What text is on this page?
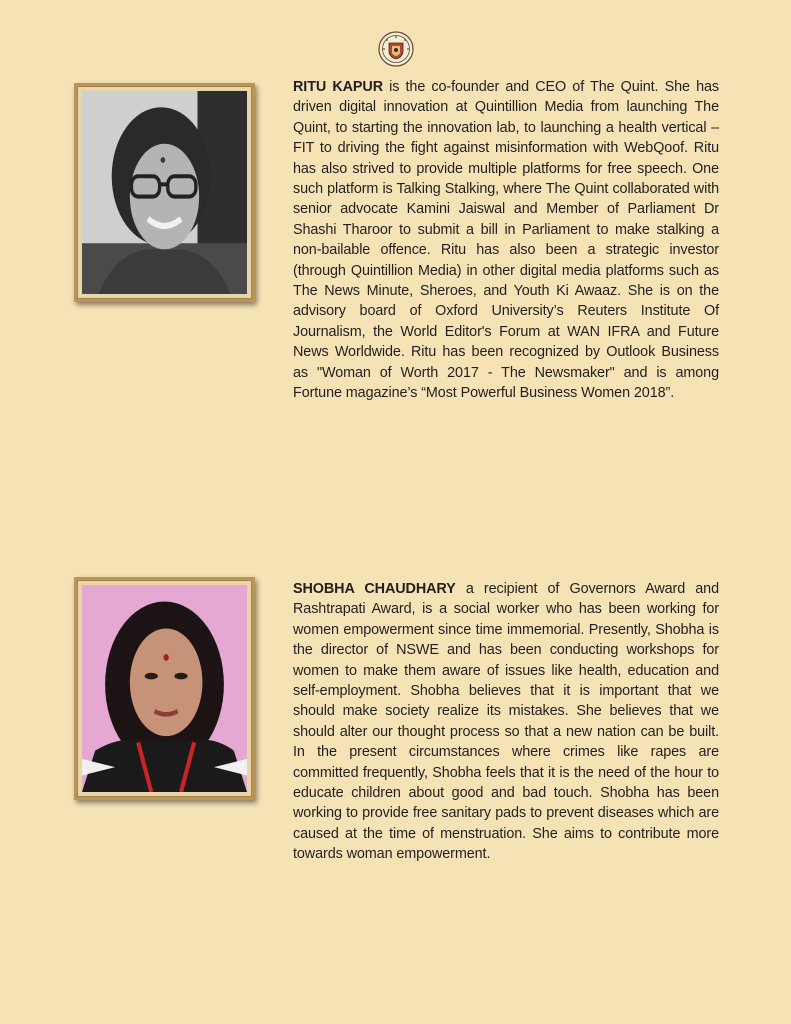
RITU KAPUR is the co-founder and CEO of The Quint. She has driven digital innovation at Quintillion Media from launching The Quint, to starting the innovation lab, to launching a health vertical – FIT to driving the fight against misinformation with WebQoof. Ritu has also strived to provide multiple platforms for free speech. One such platform is Talking Stalking, where The Quint collaborated with senior advocate Kamini Jaiswal and Member of Parliament Dr Shashi Tharoor to submit a bill in Parliament to make stalking a non-bailable offence. Ritu has also been a strategic investor (through Quintillion Media) in other digital media platforms such as The News Minute, Sheroes, and Youth Ki Awaaz. She is on the advisory board of Oxford University’s Reuters Institute Of Journalism, the World Editor's Forum at WAN IFRA and Future News Worldwide. Ritu has been recognized by Outlook Business as "Woman of Worth 2017 - The Newsmaker" and is among Fortune magazine’s “Most Powerful Business Women 2018”.

SHOBHA CHAUDHARY a recipient of Governors Award and Rashtrapati Award, is a social worker who has been working for women empowerment since time immemorial. Presently, Shobha is the director of NSWE and has been conducting workshops for women to make them aware of issues like health, education and self-employment. Shobha believes that it is important that we should make society realize its mistakes. She believes that we should alter our thought process so that a new nation can be built. In the present circumstances where crimes like rapes are committed frequently, Shobha feels that it is the need of the hour to educate children about good and bad touch. Shobha has been working to provide free sanitary pads to prevent diseases which are caused at the time of menstruation. She aims to contribute more towards woman empowerment.
